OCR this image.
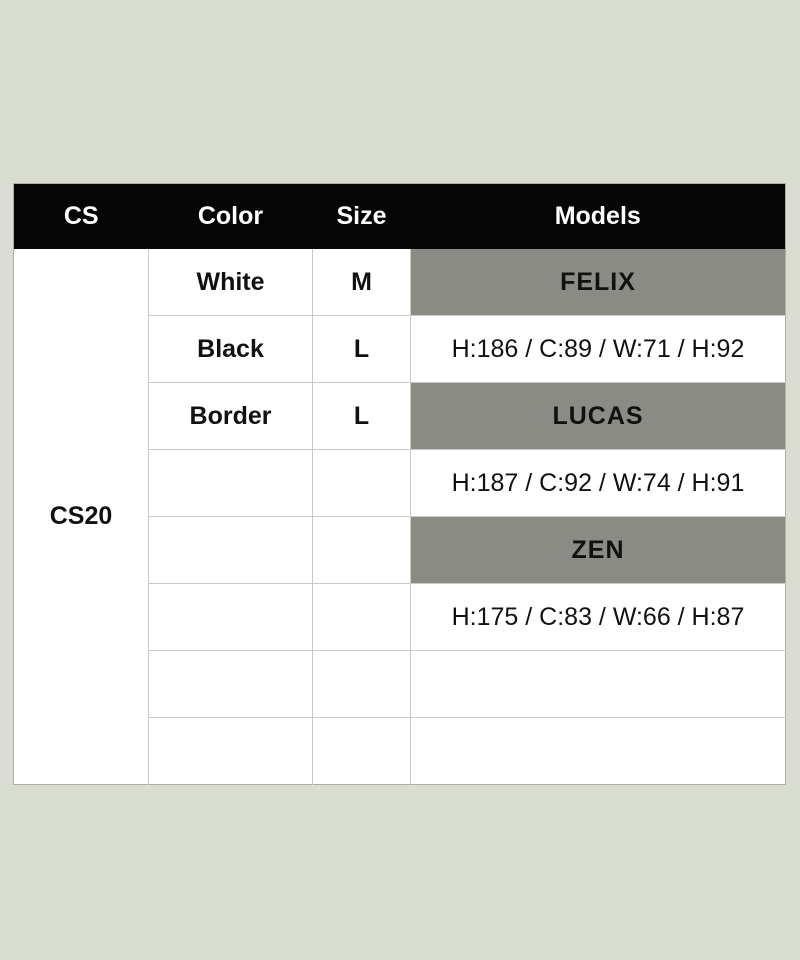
CS	Color	Size	Models
CS20	White	M	FELIX
	Black	L	H:186 / C:89 / W:71 / H:92
	Border	L	LUCAS
			H:187 / C:92 / W:74 / H:91
			ZEN
			H:175 / C:83 / W:66 / H:87
